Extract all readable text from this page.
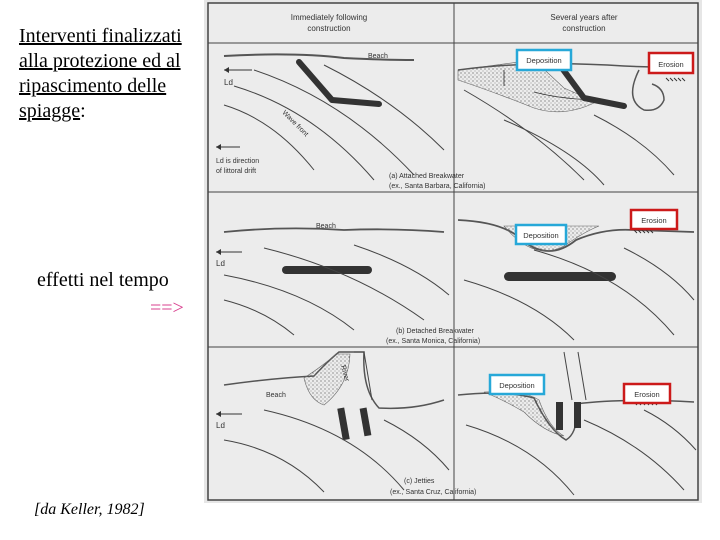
Interventi finalizzati alla protezione ed al ripascimento delle spiagge:
effetti nel tempo
==>
[da Keller, 1982]
Immediately following
construction
Several years after
construction
Beach
Ld
Wave front
Ld is direction
of littoral drift
Deposition	Erosion
(a) Attached Breakwater
(ex., Santa Barbara, California)
Beach
Ld
Deposition
Erosion
(b) Detached Breakwater
(ex., Santa Monica, California)
River
Beach
Ld
Deposition
Erosion
(c) Jetties
(ex., Santa Cruz, California)
